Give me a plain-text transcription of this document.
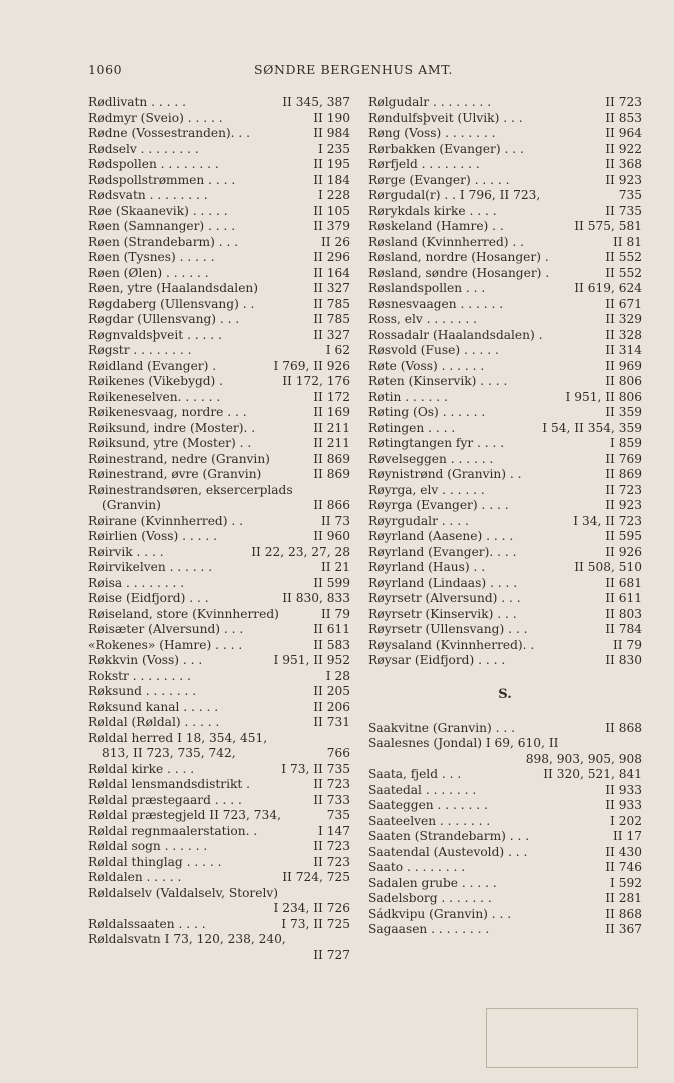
1060	SØNDRE BERGENHUS AMT.
Rødlivatn . . . . .	II 345, 387
Rødmyr (Sveio) . . . . .	II 190
Rødne (Vossestranden). . .	II 984
Rødselv . . . . . . . .	I 235
Rødspollen . . . . . . . .	II 195
Rødspollstrømmen . . . .	II 184
Rødsvatn . . . . . . . .	I 228
Røe (Skaanevik) . . . . .	II 105
Røen (Samnanger) . . . .	II 379
Røen (Strandebarm) . . .	II 26
Røen (Tysnes) . . . . .	II 296
Røen (Ølen) . . . . . .	II 164
Røen, ytre (Haalandsdalen)	II 327
Røgdaberg (Ullensvang) . .	II 785
Røgdar (Ullensvang) . . .	II 785
Røgnvaldsþveit . . . . .	II 327
Røgstr . . . . . . . .	I 62
Røidland (Evanger) .	I 769, II 926
Røikenes (Vikebygd) .	II 172, 176
Røikeneselven. . . . . .	II 172
Røikenesvaag, nordre . . .	II 169
Røiksund, indre (Moster). .	II 211
Røiksund, ytre (Moster) . .	II 211
Røinestrand, nedre (Granvin)	II 869
Røinestrand, øvre (Granvin)	II 869
Røinestrandsøren, eksercerplads
(Granvin)	II 866
Røirane (Kvinnherred) . .	II 73
Røirlien (Voss) . . . . .	II 960
Røirvik . . . .	II 22, 23, 27, 28
Røirvikelven . . . . . .	II 21
Røisa . . . . . . . .	II 599
Røise (Eidfjord) . . .	II 830, 833
Røiseland, store (Kvinnherred)	II 79
Røisæter (Alversund) . . .	II 611
«Rokenes» (Hamre) . . . .	II 583
Røkkvin (Voss) . . .	I 951, II 952
Rokstr . . . . . . . .	I 28
Røksund . . . . . . .	II 205
Røksund kanal . . . . .	II 206
Røldal (Røldal) . . . . .	II 731
Røldal herred I 18, 354, 451,
813, II 723, 735, 742,	766
Røldal kirke . . . .	I 73, II 735
Røldal lensmandsdistrikt .	II 723
Røldal præstegaard . . . .	II 733
Røldal præstegjeld II 723, 734,	735
Røldal regnmaalerstation. .	I 147
Røldal sogn . . . . . .	II 723
Røldal thinglag . . . . .	II 723
Røldalen . . . . .	II 724, 725
Røldalselv (Valdalselv, Storelv)
I 234, II 726
Røldalssaaten . . . .	I 73, II 725
Røldalsvatn I 73, 120, 238, 240,
II 727
Rølgudalr . . . . . . . .	II 723
Røndulfsþveit (Ulvik) . . .	II 853
Røng (Voss) . . . . . . .	II 964
Rørbakken (Evanger) . . .	II 922
Rørfjeld . . . . . . . .	II 368
Rørge (Evanger) . . . . .	II 923
Rørgudal(r) . . I 796, II 723,	735
Rørykdals kirke . . . .	II 735
Røskeland (Hamre) . .	II 575, 581
Røsland (Kvinnherred) . .	II 81
Røsland, nordre (Hosanger) .	II 552
Røsland, søndre (Hosanger) .	II 552
Røslandspollen . . .	II 619, 624
Røsnesvaagen . . . . . .	II 671
Ross, elv . . . . . . .	II 329
Rossadalr (Haalandsdalen) .	II 328
Røsvold (Fuse) . . . . .	II 314
Røte (Voss) . . . . . .	II 969
Røten (Kinservik) . . . .	II 806
Røtin . . . . . .	I 951, II 806
Røting (Os) . . . . . .	II 359
Røtingen . . . .	I 54, II 354, 359
Røtingtangen fyr . . . .	I 859
Røvelseggen . . . . . .	II 769
Røynistrønd (Granvin) . .	II 869
Røyrga, elv . . . . . .	II 723
Røyrga (Evanger) . . . .	II 923
Røyrgudalr . . . .	I 34, II 723
Røyrland (Aasene) . . . .	II 595
Røyrland (Evanger). . . .	II 926
Røyrland (Haus) . .	II 508, 510
Røyrland (Lindaas) . . . .	II 681
Røyrsetr (Alversund) . . .	II 611
Røyrsetr (Kinservik) . . .	II 803
Røyrsetr (Ullensvang) . . .	II 784
Røysaland (Kvinnherred). .	II 79
Røysar (Eidfjord) . . . .	II 830
S.
Saakvitne (Granvin) . . .	II 868
Saalesnes (Jondal) I 69, 610, II
898, 903, 905, 908
Saata, fjeld . . .	II 320, 521, 841
Saatedal . . . . . . .	II 933
Saateggen . . . . . . .	II 933
Saateelven . . . . . . .	I 202
Saaten (Strandebarm) . . .	II 17
Saatendal (Austevold) . . .	II 430
Saato . . . . . . . .	II 746
Sadalen grube . . . . .	I 592
Sadelsborg . . . . . . .	II 281
Sádkvipu (Granvin) . . .	II 868
Sagaasen . . . . . . . .	II 367
